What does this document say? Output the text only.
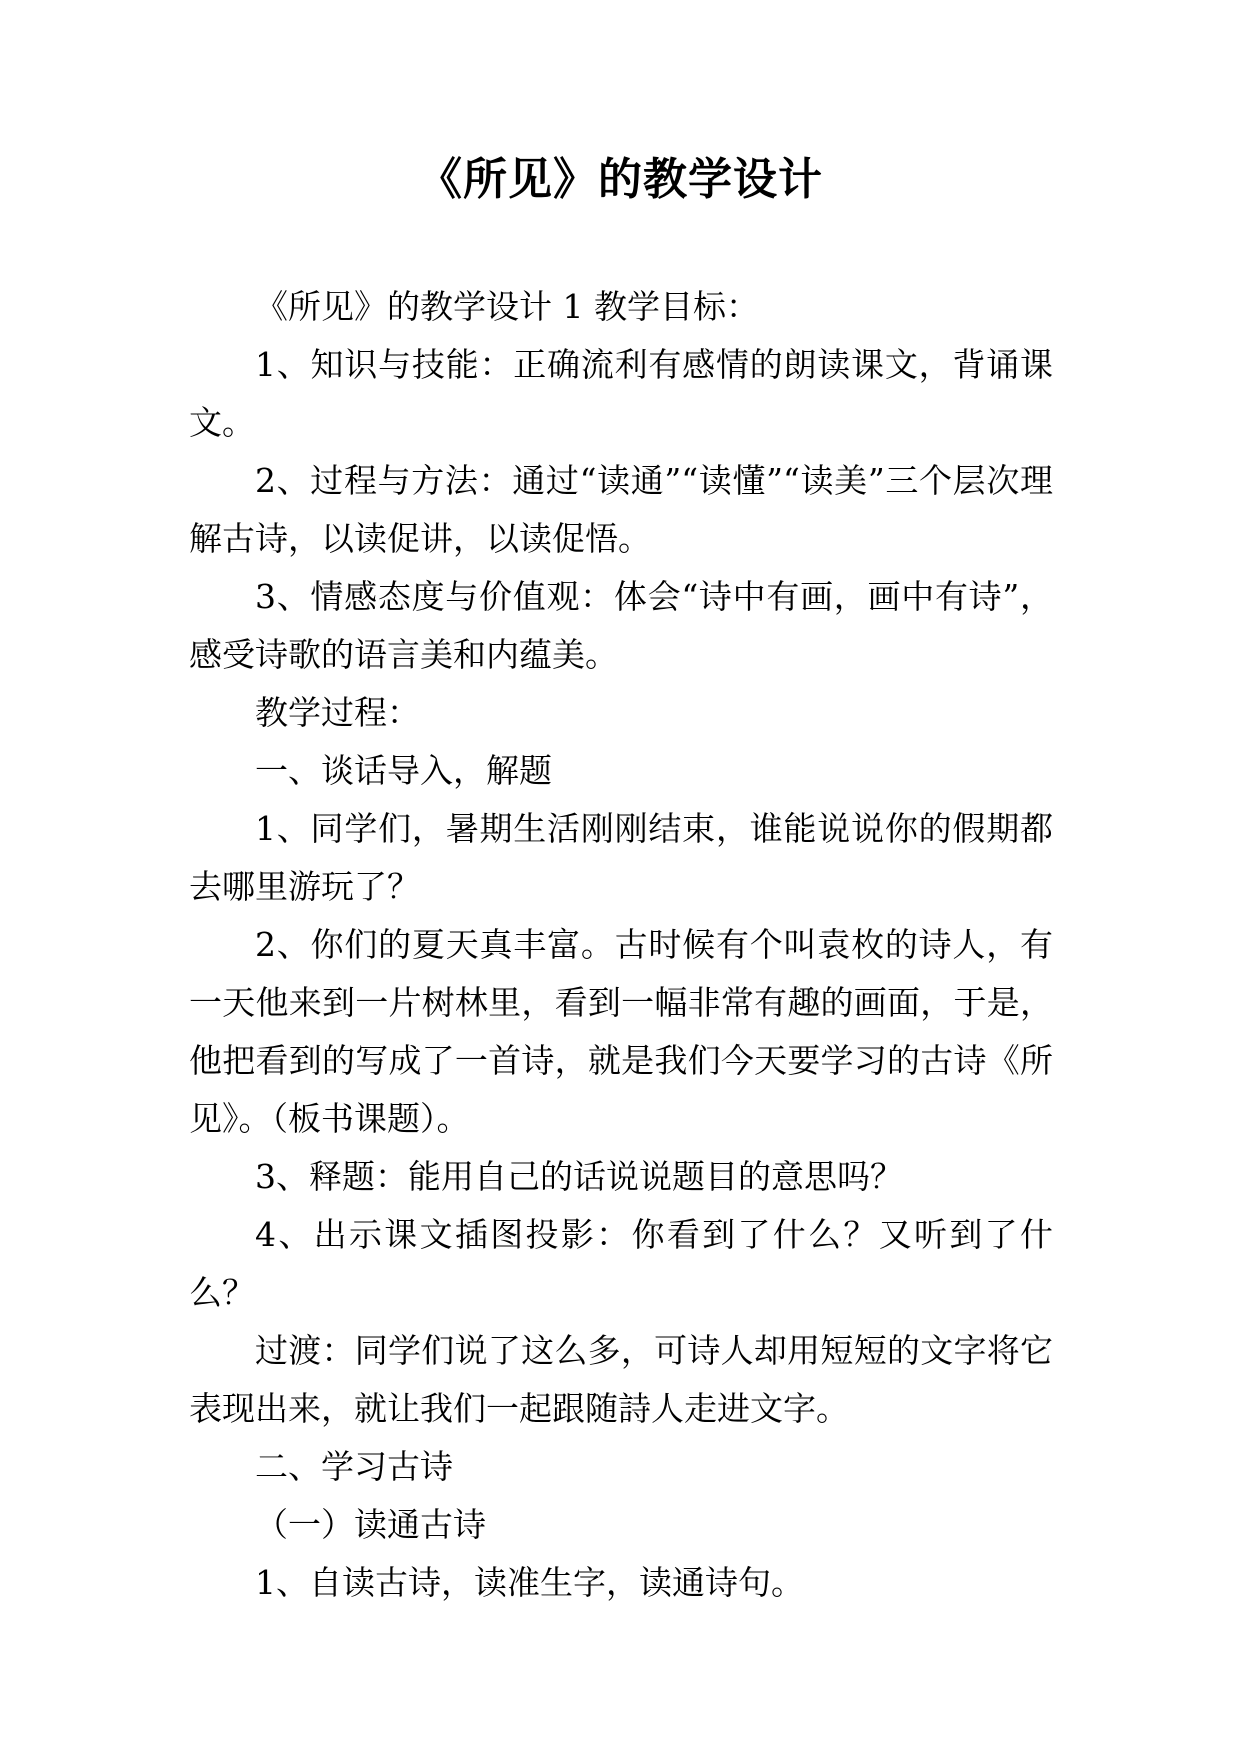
《所见》的教学设计

《所见》的教学设计 1 教学目标：

1、知识与技能：正确流利有感情的朗读课文，背诵课文。

2、过程与方法：通过“读通”“读懂”“读美”三个层次理解古诗，以读促讲，以读促悟。

3、情感态度与价值观：体会“诗中有画，画中有诗”，感受诗歌的语言美和内蕴美。

教学过程：

一、谈话导入，解题

1、同学们，暑期生活刚刚结束，谁能说说你的假期都去哪里游玩了？

2、你们的夏天真丰富。古时候有个叫袁枚的诗人，有一天他来到一片树林里，看到一幅非常有趣的画面，于是，他把看到的写成了一首诗，就是我们今天要学习的古诗《所见》。（板书课题）。

3、释题：能用自己的话说说题目的意思吗？

4、出示课文插图投影：你看到了什么？又听到了什么？

过渡：同学们说了这么多，可诗人却用短短的文字将它表现出来，就让我们一起跟随詩人走进文字。

二、学习古诗

（一）读通古诗

1、自读古诗，读准生字，读通诗句。
